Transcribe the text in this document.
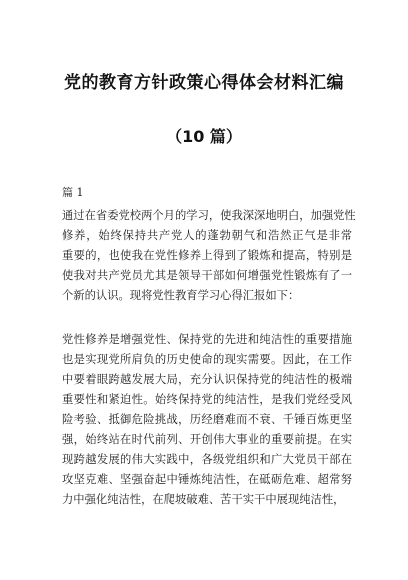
党的教育方针政策心得体会材料汇编
（10 篇）
篇 1
通过在省委党校两个月的学习，使我深深地明白，加强党性
修养，始终保持共产党人的蓬勃朝气和浩然正气是非常
重要的，也使我在党性修养上得到了锻炼和提高，特别是
使我对共产党员尤其是领导干部如何增强党性锻炼有了一
个新的认识。现将党性教育学习心得汇报如下：
党性修养是增强党性、保持党的先进和纯洁性的重要措施
也是实现党所肩负的历史使命的现实需要。因此，在工作
中要着眼跨越发展大局，充分认识保持党的纯洁性的极端
重要性和紧迫性。始终保持党的纯洁性，是我们党经受风
险考验、抵御危险挑战，历经磨难而不衰、千锤百炼更坚
强，始终站在时代前列、开创伟大事业的重要前提。在实
现跨越发展的伟大实践中，各级党组织和广大党员干部在
攻坚克难、坚强奋起中锤炼纯洁性，在砥砺危难、超常努
力中强化纯洁性，在爬坡破难、苦干实干中展现纯洁性，
